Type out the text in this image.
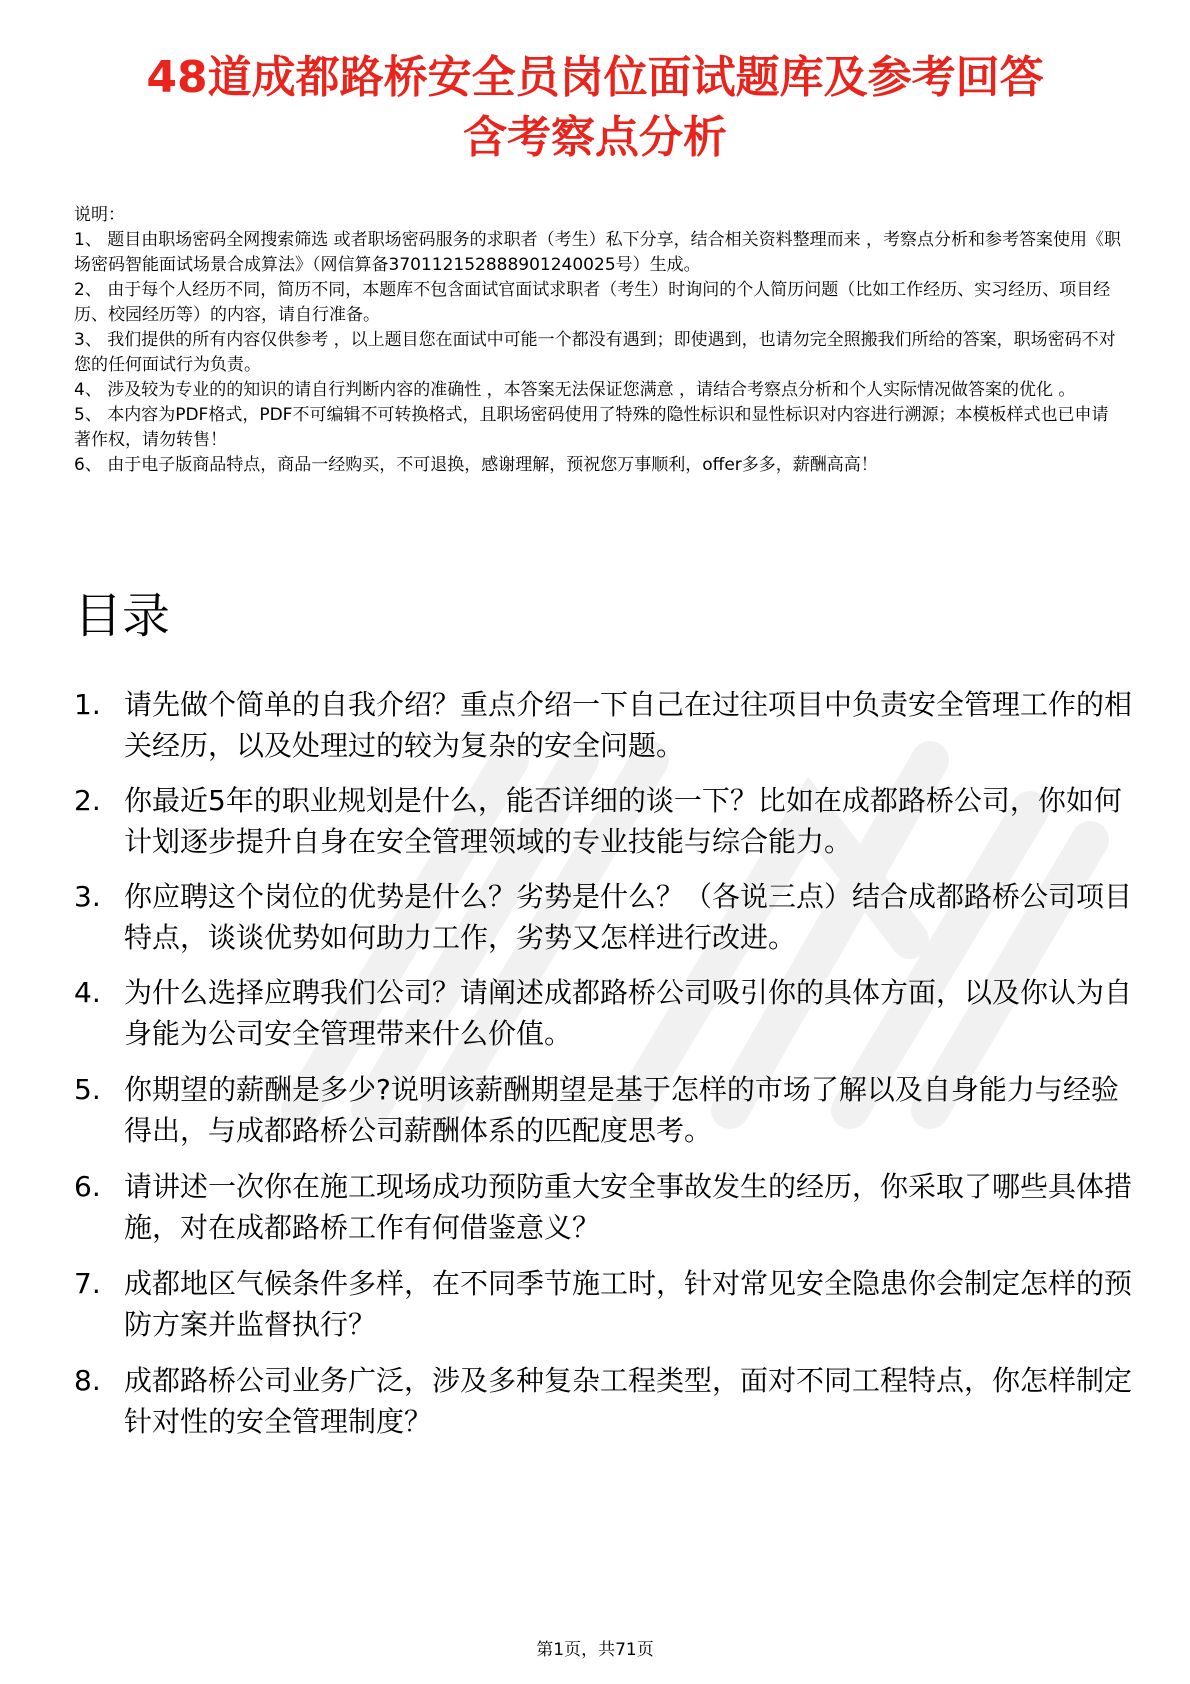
48道成都路桥安全员岗位面试题库及参考回答
含考察点分析

说明：

1、 题目由职场密码全网搜索筛选 或者职场密码服务的求职者（考生）私下分享，结合相关资料整理而来 ，考察点分析和参考答案使用《职场密码智能面试场景合成算法》（网信算备370112152888901240025号）生成。

2、 由于每个人经历不同，简历不同，本题库不包含面试官面试求职者（考生）时询问的个人简历问题（比如工作经历、实习经历、项目经历、校园经历等）的内容，请自行准备。

3、 我们提供的所有内容仅供参考 ，以上题目您在面试中可能一个都没有遇到；即使遇到，也请勿完全照搬我们所给的答案，职场密码不对您的任何面试行为负责。

4、 涉及较为专业的的知识的请自行判断内容的准确性 ，本答案无法保证您满意 ，请结合考察点分析和个人实际情况做答案的优化 。

5、 本内容为PDF格式，PDF不可编辑不可转换格式，且职场密码使用了特殊的隐性标识和显性标识对内容进行溯源；本模板样式也已申请著作权，请勿转售！

6、 由于电子版商品特点，商品一经购买，不可退换，感谢理解，预祝您万事顺利，offer多多，薪酬高高！

目录
1. 请先做个简单的自我介绍？重点介绍一下自己在过往项目中负责安全管理工作的相关经历，以及处理过的较为复杂的安全问题。
2. 你最近5年的职业规划是什么，能否详细的谈一下？比如在成都路桥公司，你如何计划逐步提升自身在安全管理领域的专业技能与综合能力。
3. 你应聘这个岗位的优势是什么？劣势是什么？（各说三点）结合成都路桥公司项目特点，谈谈优势如何助力工作，劣势又怎样进行改进。
4. 为什么选择应聘我们公司？请阐述成都路桥公司吸引你的具体方面，以及你认为自身能为公司安全管理带来什么价值。
5. 你期望的薪酬是多少?说明该薪酬期望是基于怎样的市场了解以及自身能力与经验得出，与成都路桥公司薪酬体系的匹配度思考。
6. 请讲述一次你在施工现场成功预防重大安全事故发生的经历，你采取了哪些具体措施，对在成都路桥工作有何借鉴意义？
7. 成都地区气候条件多样，在不同季节施工时，针对常见安全隐患你会制定怎样的预防方案并监督执行？
8. 成都路桥公司业务广泛，涉及多种复杂工程类型，面对不同工程特点，你怎样制定针对性的安全管理制度？
第1页，共71页
